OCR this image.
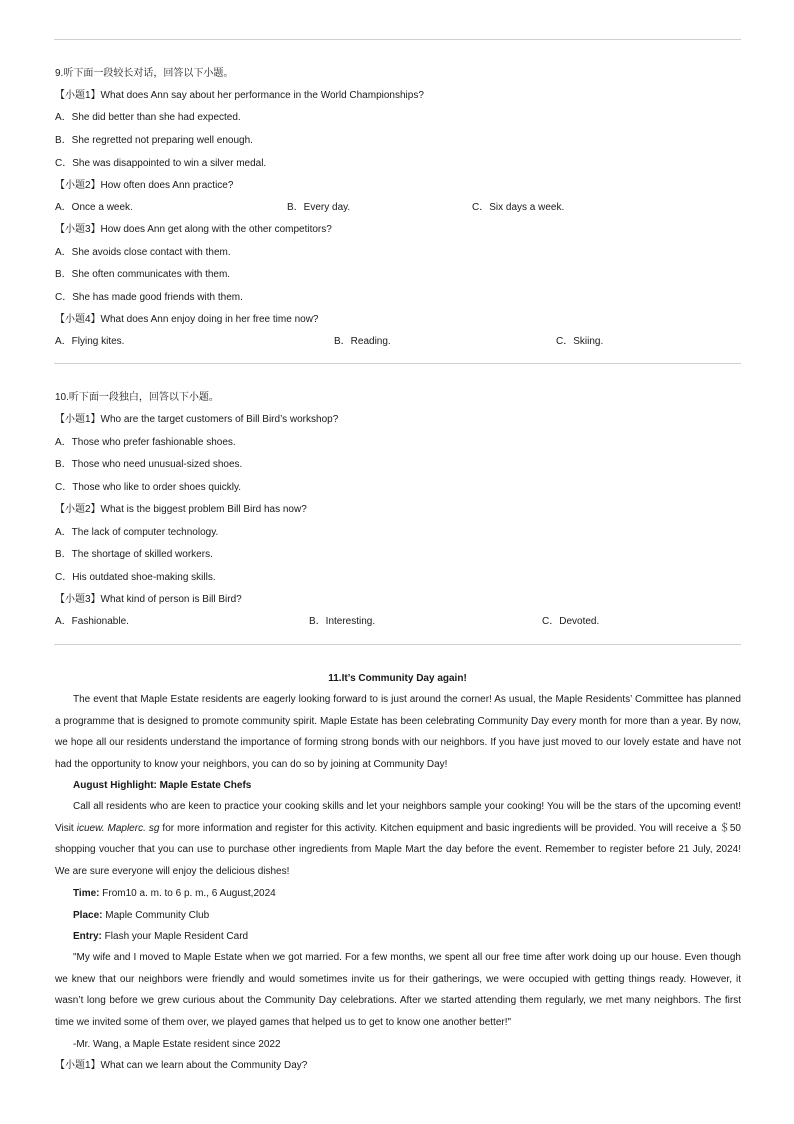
9.听下面一段较长对话，回答以下小题。
【小题1】What does Ann say about her performance in the World Championships?
A．She did better than she had expected.
B．She regretted not preparing well enough.
C．She was disappointed to win a silver medal.
【小题2】How often does Ann practice?
A．Once a week.	B．Every day.	C．Six days a week.
【小题3】How does Ann get along with the other competitors?
A．She avoids close contact with them.
B．She often communicates with them.
C．She has made good friends with them.
【小题4】What does Ann enjoy doing in her free time now?
A．Flying kites.	B．Reading.	C．Skiing.
10.听下面一段独白，回答以下小题。
【小题1】Who are the target customers of Bill Bird’s workshop?
A．Those who prefer fashionable shoes.
B．Those who need unusual-sized shoes.
C．Those who like to order shoes quickly.
【小题2】What is the biggest problem Bill Bird has now?
A．The lack of computer technology.
B．The shortage of skilled workers.
C．His outdated shoe-making skills.
【小题3】What kind of person is Bill Bird?
A．Fashionable.	B．Interesting.	C．Devoted.
11.It’s Community Day again!

The event that Maple Estate residents are eagerly looking forward to is just around the corner! As usual, the Maple Residents’ Committee has planned a programme that is designed to promote community spirit. Maple Estate has been celebrating Community Day every month for more than a year. By now, we hope all our residents understand the importance of forming strong bonds with our neighbors. If you have just moved to our lovely estate and have not had the opportunity to know your neighbors, you can do so by joining at Community Day!

August Highlight: Maple Estate Chefs

Call all residents who are keen to practice your cooking skills and let your neighbors sample your cooking! You will be the stars of the upcoming event! Visit icuew. Maplerc. sg for more information and register for this activity. Kitchen equipment and basic ingredients will be provided. You will receive a ＄50 shopping voucher that you can use to purchase other ingredients from Maple Mart the day before the event. Remember to register before 21 July, 2024! We are sure everyone will enjoy the delicious dishes!

Time: From10 a. m. to 6 p. m., 6 August,2024
Place: Maple Community Club
Entry: Flash your Maple Resident Card

"My wife and I moved to Maple Estate when we got married. For a few months, we spent all our free time after work doing up our house. Even though we knew that our neighbors were friendly and would sometimes invite us for their gatherings, we were occupied with getting things ready. However, it wasn’t long before we grew curious about the Community Day celebrations. After we started attending them regularly, we met many neighbors. The first time we invited some of them over, we played games that helped us to get to know one another better!"

-Mr. Wang, a Maple Estate resident since 2022
【小题1】What can we learn about the Community Day?
